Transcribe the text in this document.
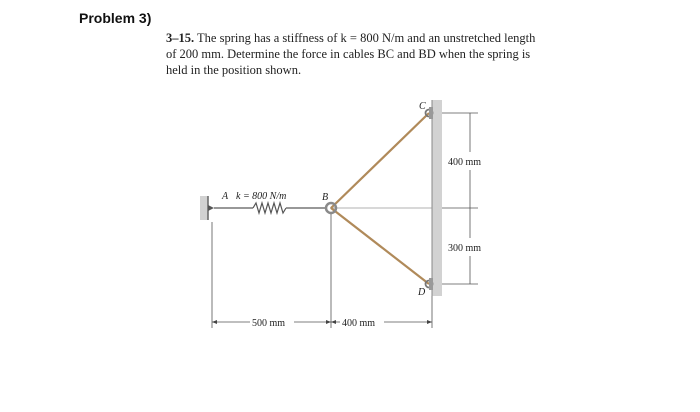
Problem 3)
3–15. The spring has a stiffness of k = 800 N/m and an unstretched length of 200 mm. Determine the force in cables BC and BD when the spring is held in the position shown.
A k = 800 N/m	B
C
D
400 mm
300 mm
500 mm	400 mm
